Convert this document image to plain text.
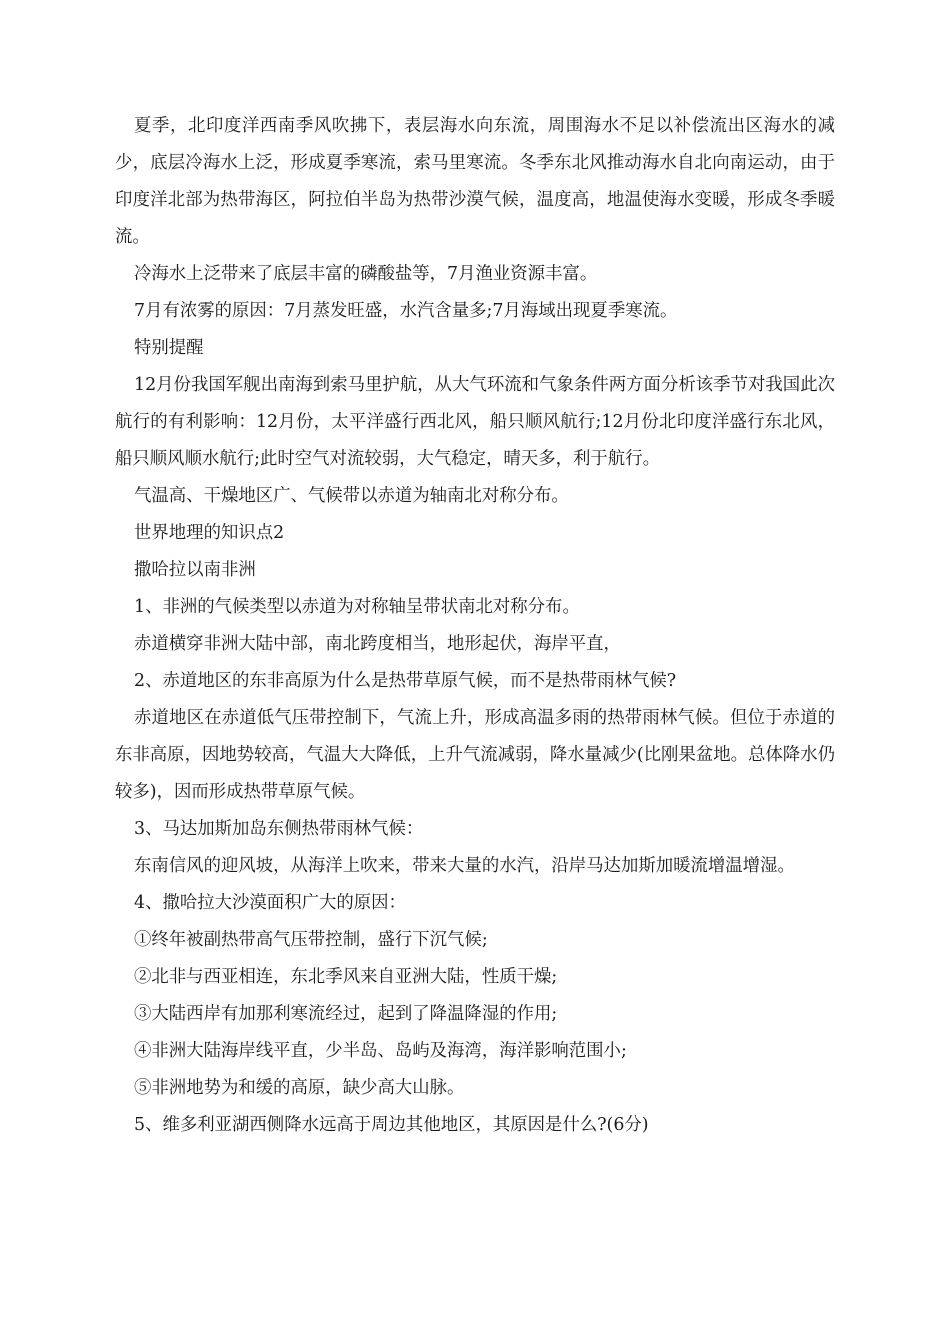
夏季，北印度洋西南季风吹拂下，表层海水向东流，周围海水不足以补偿流出区海水的减少，底层冷海水上泛，形成夏季寒流，索马里寒流。冬季东北风推动海水自北向南运动，由于印度洋北部为热带海区，阿拉伯半岛为热带沙漠气候，温度高，地温使海水变暖，形成冬季暖流。

冷海水上泛带来了底层丰富的磷酸盐等，7月渔业资源丰富。

7月有浓雾的原因：7月蒸发旺盛，水汽含量多;7月海域出现夏季寒流。

特别提醒

12月份我国军舰出南海到索马里护航，从大气环流和气象条件两方面分析该季节对我国此次航行的有利影响：12月份，太平洋盛行西北风，船只顺风航行;12月份北印度洋盛行东北风，船只顺风顺水航行;此时空气对流较弱，大气稳定，晴天多，利于航行。

气温高、干燥地区广、气候带以赤道为轴南北对称分布。

世界地理的知识点2

撒哈拉以南非洲

1、非洲的气候类型以赤道为对称轴呈带状南北对称分布。

赤道横穿非洲大陆中部，南北跨度相当，地形起伏，海岸平直，

2、赤道地区的东非高原为什么是热带草原气候，而不是热带雨林气候?

赤道地区在赤道低气压带控制下，气流上升，形成高温多雨的热带雨林气候。但位于赤道的东非高原，因地势较高，气温大大降低，上升气流减弱，降水量减少(比刚果盆地。总体降水仍较多)，因而形成热带草原气候。

3、马达加斯加岛东侧热带雨林气候：

东南信风的迎风坡，从海洋上吹来，带来大量的水汽，沿岸马达加斯加暖流增温增湿。

4、撒哈拉大沙漠面积广大的原因：

①终年被副热带高气压带控制，盛行下沉气候;

②北非与西亚相连，东北季风来自亚洲大陆，性质干燥;

③大陆西岸有加那利寒流经过，起到了降温降湿的作用;

④非洲大陆海岸线平直，少半岛、岛屿及海湾，海洋影响范围小;

⑤非洲地势为和缓的高原，缺少高大山脉。

5、维多利亚湖西侧降水远高于周边其他地区，其原因是什么?(6分)
